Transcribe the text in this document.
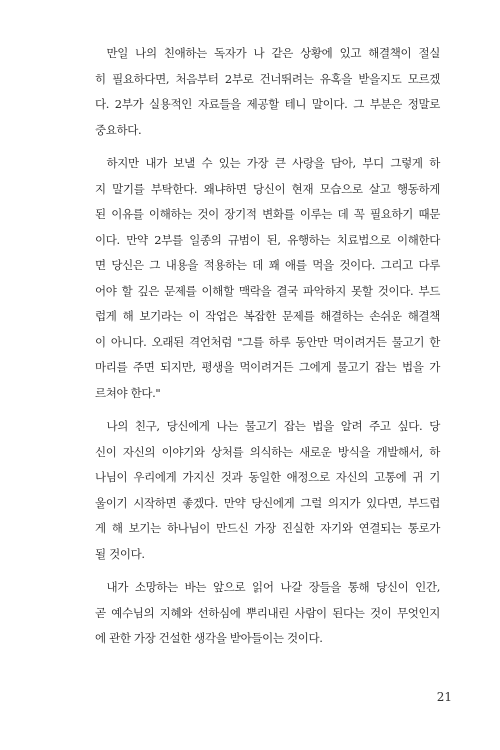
만일 나의 친애하는 독자가 나 같은 상황에 있고 해결책이 절실
히 필요하다면, 처음부터 2부로 건너뛰려는 유혹을 받을지도 모르겠
다. 2부가 실용적인 자료들을 제공할 테니 말이다. 그 부분은 정말로
중요하다.
하지만 내가 보낼 수 있는 가장 큰 사랑을 담아, 부디 그렇게 하
지 말기를 부탁한다. 왜냐하면 당신이 현재 모습으로 살고 행동하게
된 이유를 이해하는 것이 장기적 변화를 이루는 데 꼭 필요하기 때문
이다. 만약 2부를 일종의 규범이 된, 유행하는 치료법으로 이해한다
면 당신은 그 내용을 적용하는 데 꽤 애를 먹을 것이다. 그리고 다루
어야 할 깊은 문제를 이해할 맥락을 결국 파악하지 못할 것이다. 부드
럽게 해 보기라는 이 작업은 복잡한 문제를 해결하는 손쉬운 해결책
이 아니다. 오래된 격언처럼 "그를 하루 동안만 먹이려거든 물고기 한
마리를 주면 되지만, 평생을 먹이려거든 그에게 물고기 잡는 법을 가
르쳐야 한다."
나의 친구, 당신에게 나는 물고기 잡는 법을 알려 주고 싶다. 당
신이 자신의 이야기와 상처를 의식하는 새로운 방식을 개발해서, 하
나님이 우리에게 가지신 것과 동일한 애정으로 자신의 고통에 귀 기
울이기 시작하면 좋겠다. 만약 당신에게 그럴 의지가 있다면, 부드럽
게 해 보기는 하나님이 만드신 가장 진실한 자기와 연결되는 통로가
될 것이다.
내가 소망하는 바는 앞으로 읽어 나갈 장들을 통해 당신이 인간,
곧 예수님의 지혜와 선하심에 뿌리내린 사람이 된다는 것이 무엇인지
에 관한 가장 건설한 생각을 받아들이는 것이다.
21
